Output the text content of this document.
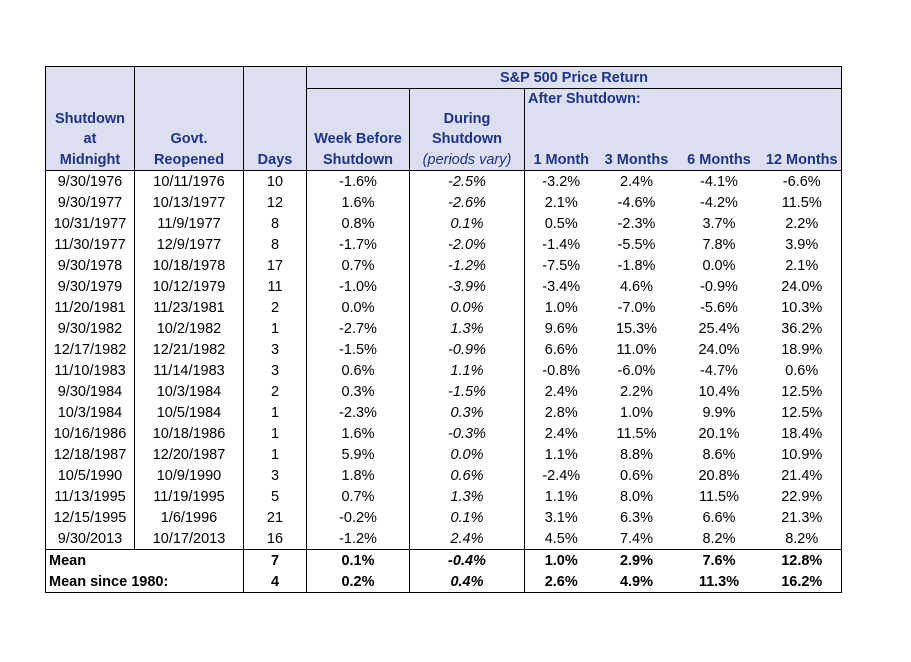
			S&P 500 Price Return					
					After Shutdown:			
Shutdown				During				
at	Govt.		Week Before	Shutdown				
Midnight	Reopened	Days	Shutdown	(periods vary)	1 Month	3 Months	6 Months	12 Months
9/30/1976	10/11/1976	10	-1.6%	-2.5%	-3.2%	2.4%	-4.1%	-6.6%
9/30/1977	10/13/1977	12	1.6%	-2.6%	2.1%	-4.6%	-4.2%	11.5%
10/31/1977	11/9/1977	8	0.8%	0.1%	0.5%	-2.3%	3.7%	2.2%
11/30/1977	12/9/1977	8	-1.7%	-2.0%	-1.4%	-5.5%	7.8%	3.9%
9/30/1978	10/18/1978	17	0.7%	-1.2%	-7.5%	-1.8%	0.0%	2.1%
9/30/1979	10/12/1979	11	-1.0%	-3.9%	-3.4%	4.6%	-0.9%	24.0%
11/20/1981	11/23/1981	2	0.0%	0.0%	1.0%	-7.0%	-5.6%	10.3%
9/30/1982	10/2/1982	1	-2.7%	1.3%	9.6%	15.3%	25.4%	36.2%
12/17/1982	12/21/1982	3	-1.5%	-0.9%	6.6%	11.0%	24.0%	18.9%
11/10/1983	11/14/1983	3	0.6%	1.1%	-0.8%	-6.0%	-4.7%	0.6%
9/30/1984	10/3/1984	2	0.3%	-1.5%	2.4%	2.2%	10.4%	12.5%
10/3/1984	10/5/1984	1	-2.3%	0.3%	2.8%	1.0%	9.9%	12.5%
10/16/1986	10/18/1986	1	1.6%	-0.3%	2.4%	11.5%	20.1%	18.4%
12/18/1987	12/20/1987	1	5.9%	0.0%	1.1%	8.8%	8.6%	10.9%
10/5/1990	10/9/1990	3	1.8%	0.6%	-2.4%	0.6%	20.8%	21.4%
11/13/1995	11/19/1995	5	0.7%	1.3%	1.1%	8.0%	11.5%	22.9%
12/15/1995	1/6/1996	21	-0.2%	0.1%	3.1%	6.3%	6.6%	21.3%
9/30/2013	10/17/2013	16	-1.2%	2.4%	4.5%	7.4%	8.2%	8.2%
Mean		7	0.1%	-0.4%	1.0%	2.9%	7.6%	12.8%
Mean since 1980:		4	0.2%	0.4%	2.6%	4.9%	11.3%	16.2%
